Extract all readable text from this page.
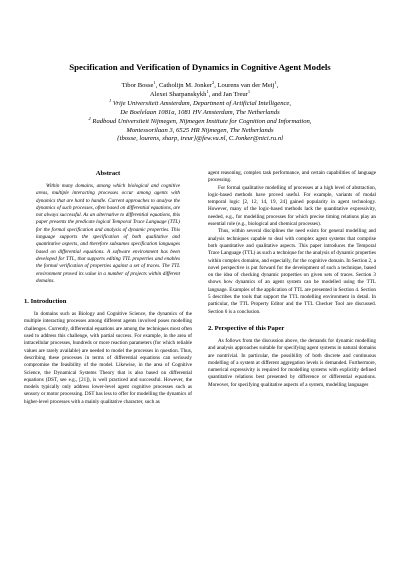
Specification and Verification of Dynamics in Cognitive Agent Models
Tibor Bosse$^1$, Catholijn M. Jonker$^2$, Lourens van der Meij$^1$,
Alexei Sharpanskykh$^1$, and Jan Treur$^1$
$^1$ Vrije Universiteit Amsterdam, Department of Artificial Intelligence,
De Boelelaan 1081a, 1081 HV Amsterdam, The Netherlands
$^2$ Radboud Universiteit Nijmegen, Nijmegen Institute for Cognition and Information,
Montessorilaan 3, 6525 HR Nijmegen, The Netherlands
{tbosse, lourens, sharp, treur}@few.vu.nl, C.Jonker@nici.ru.nl
Abstract
Within many domains, among which biological and cognitive areas, multiple interacting processes occur among agents with dynamics that are hard to handle. Current approaches to analyse the dynamics of such processes, often based on differential equations, are not always successful. As an alternative to differential equations, this paper presents the predicate logical Temporal Trace Language (TTL) for the formal specification and analysis of dynamic properties. This language supports the specification of both qualitative and quantitative aspects, and therefore subsumes specification languages based on differential equations. A software environment has been developed for TTL, that supports editing TTL properties and enables the formal verification of properties against a set of traces. The TTL environment proved its value in a number of projects within different domains.
1. Introduction
In domains such as Biology and Cognitive Science, the dynamics of the multiple interacting processes among different agents involved poses modelling challenges. Currently, differential equations are among the techniques most often used to address this challenge, with partial success. For example, in the area of intracellular processes, hundreds or more reaction parameters (for which reliable values are rarely available) are needed to model the processes in question. Thus, describing these processes in terms of differential equations can seriously compromise the feasibility of the model. Likewise, in the area of Cognitive Science, the Dynamical Systems Theory that is also based on differential equations (DST, see e.g., [21]), is well practiced and successful. However, the models typically only address lower-level agent cognitive processes such as sensory or motor processing. DST has less to offer for modelling the dynamics of higher-level processes with a mainly qualitative character, such as
agent reasoning, complex task performance, and certain capabilities of language processing.
For formal qualitative modelling of processes at a high level of abstraction, logic-based methods have proved useful. For example, variants of modal temporal logic [2, 12, 14, 19, 24] gained popularity in agent technology. However, many of the logic-based methods lack the quantitative expressivity, needed, e.g., for modelling processes for which precise timing relations play an essential role (e.g., biological and chemical processes).
Thus, within several disciplines the need exists for general modelling and analysis techniques capable to deal with complex agent systems that comprise both quantitative and qualitative aspects. This paper introduces the Temporal Trace Language (TTL) as such a technique for the analysis of dynamic properties within complex domains, and especially, for the cognitive domain. In Section 2, a novel perspective is put forward for the development of such a technique, based on the idea of checking dynamic properties on given sets of traces. Section 3 shows how dynamics of an agent system can be modelled using the TTL language. Examples of the application of TTL are presented in Section 4. Section 5 describes the tools that support the TTL modelling environment in detail. In particular, the TTL Property Editor and the TTL Checker Tool are discussed. Section 6 is a conclusion.
2. Perspective of this Paper
As follows from the discussion above, the demands for dynamic modelling and analysis approaches suitable for specifying agent systems in natural domains are nontrivial. In particular, the possibility of both discrete and continuous modelling of a system at different aggregation levels is demanded. Furthermore, numerical expressivity is required for modelling systems with explicitly defined quantitative relations best presented by difference or differential equations. Moreover, for specifying qualitative aspects of a system, modelling languages
